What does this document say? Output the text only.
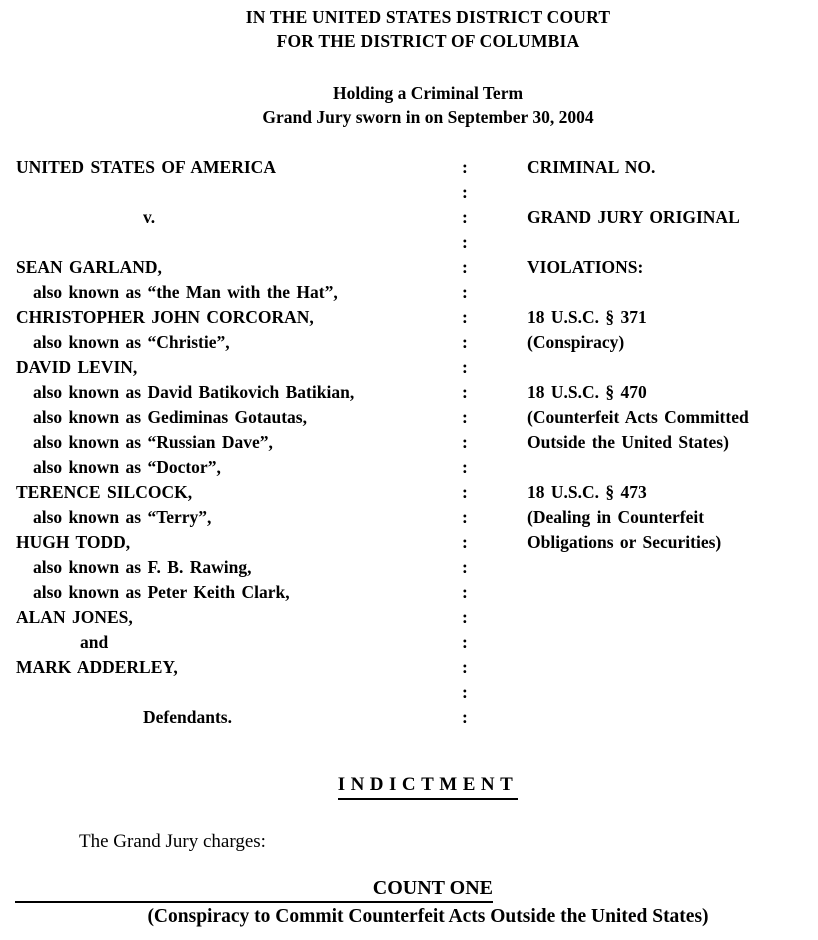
IN THE UNITED STATES DISTRICT COURT
FOR THE DISTRICT OF COLUMBIA
Holding a Criminal Term
Grand Jury sworn in on September 30, 2004
UNITED STATES OF AMERICA	:	CRIMINAL NO.
:
v.	:	GRAND JURY ORIGINAL
:
SEAN GARLAND,	:	VIOLATIONS:
also known as “the Man with the Hat”,	:
CHRISTOPHER JOHN CORCORAN,	:	18 U.S.C. § 371
also known as “Christie”,	:	(Conspiracy)
DAVID LEVIN,	:
also known as David Batikovich Batikian,	:	18 U.S.C. § 470
also known as Gediminas Gotautas,	:	(Counterfeit Acts Committed
also known as “Russian Dave”,	:	Outside the United States)
also known as “Doctor”,	:
TERENCE SILCOCK,	:	18 U.S.C. § 473
also known as “Terry”,	:	(Dealing in Counterfeit
HUGH TODD,	:	Obligations or Securities)
also known as F. B. Rawing,	:
also known as Peter Keith Clark,	:
ALAN JONES,	:
and	:
MARK ADDERLEY,	:
:
Defendants.	:
INDICTMENT
The Grand Jury charges:
COUNT ONE
(Conspiracy to Commit Counterfeit Acts Outside the United States)
